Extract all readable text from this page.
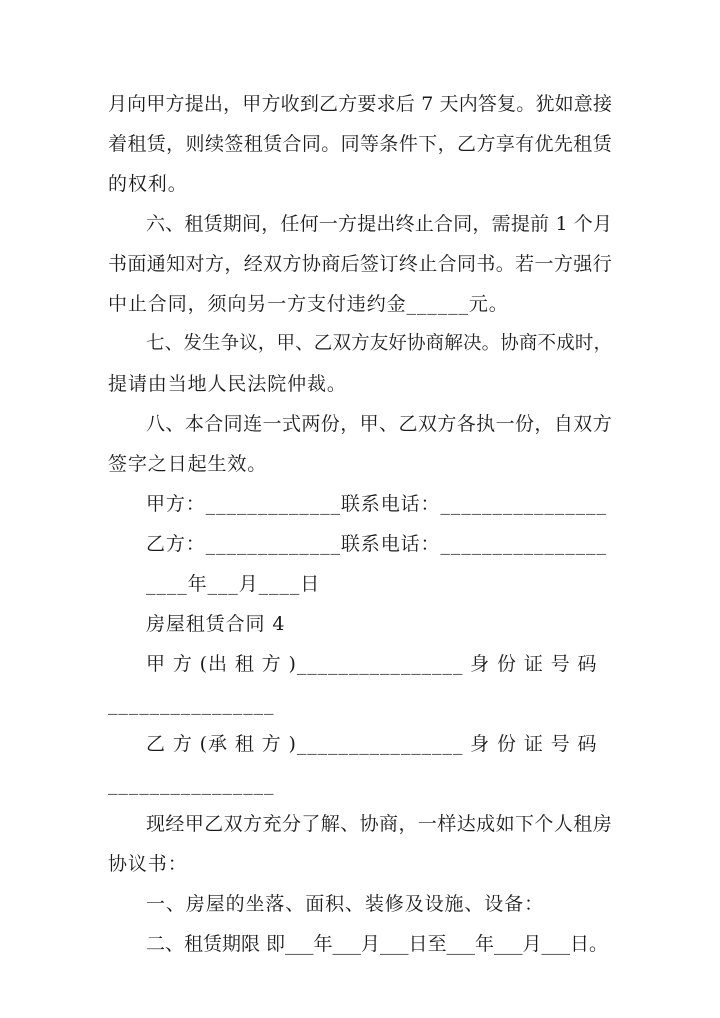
月向甲方提出，甲方收到乙方要求后 7 天内答复。犹如意接
着租赁，则续签租赁合同。同等条件下，乙方享有优先租赁
的权利。
六、租赁期间，任何一方提出终止合同，需提前 1 个月
书面通知对方，经双方协商后签订终止合同书。若一方强行
中止合同，须向另一方支付违约金______元。
七、发生争议，甲、乙双方友好协商解决。协商不成时，
提请由当地人民法院仲裁。
八、本合同连一式两份，甲、乙双方各执一份，自双方
签字之日起生效。
甲方：_____________联系电话：________________
乙方：_____________联系电话：________________
____年___月____日
房屋租赁合同 4
甲 方 (出 租 方 )________________ 身 份 证 号 码
________________
乙 方 (承 租 方 )________________ 身 份 证 号 码
________________
现经甲乙双方充分了解、协商，一样达成如下个人租房
协议书：
一、房屋的坐落、面积、装修及设施、设备：
二、租赁期限 即___年___月___日至___年___月___日。
